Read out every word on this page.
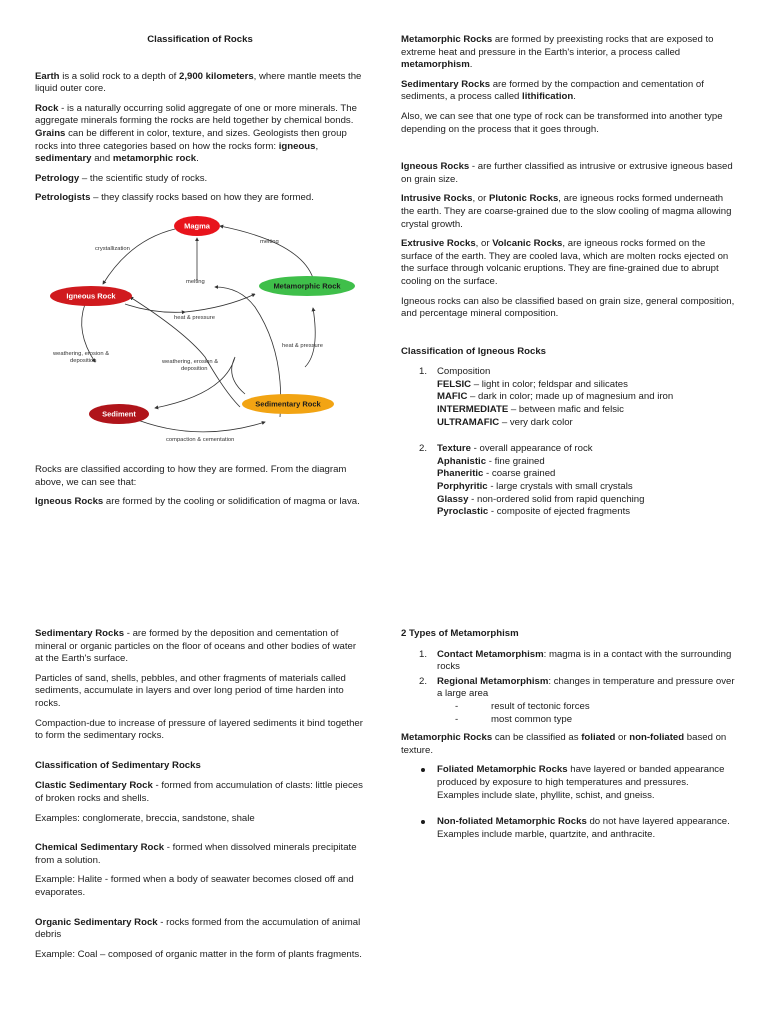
Classification of Rocks

Earth is a solid rock to a depth of 2,900 kilometers, where mantle meets the liquid outer core.

Rock - is a naturally occurring solid aggregate of one or more minerals. The aggregate minerals forming the rocks are held together by chemical bonds. Grains can be different in color, texture, and sizes. Geologists then group rocks into three categories based on how the rocks form: igneous, sedimentary and metamorphic rock.

Petrology – the scientific study of rocks.

Petrologists – they classify rocks based on how they are formed.

Magma
Igneous Rock
Metamorphic Rock
Sediment
Sedimentary Rock
crystallization
melting
melting
heat & pressure
heat & pressure
weathering, erosion &
deposition	weathering, erosion &
deposition
compaction & cementation

Rocks are classified according to how they are formed. From the diagram above, we can see that:

Igneous Rocks are formed by the cooling or solidification of magma or lava.

Metamorphic Rocks are formed by preexisting rocks that are exposed to extreme heat and pressure in the Earth's interior, a process called metamorphism.

Sedimentary Rocks are formed by the compaction and cementation of sediments, a process called lithification.

Also, we can see that one type of rock can be transformed into another type depending on the process that it goes through.

Igneous Rocks - are further classified as intrusive or extrusive igneous based on grain size.

Intrusive Rocks, or Plutonic Rocks, are igneous rocks formed underneath the earth. They are coarse-grained due to the slow cooling of magma allowing crystal growth.

Extrusive Rocks, or Volcanic Rocks, are igneous rocks formed on the surface of the earth. They are cooled lava, which are molten rocks ejected on the surface through volcanic eruptions. They are fine-grained due to abrupt cooling on the surface.

Igneous rocks can also be classified based on grain size, general composition, and percentage mineral composition.

Classification of Igneous Rocks
1. Composition
FELSIC – light in color; feldspar and silicates
MAFIC – dark in color; made up of magnesium and iron
INTERMEDIATE – between mafic and felsic
ULTRAMAFIC – very dark color
2. Texture - overall appearance of rock
Aphanistic - fine grained
Phaneritic - coarse grained
Porphyritic - large crystals with small crystals
Glassy - non-ordered solid from rapid quenching
Pyroclastic - composite of ejected fragments

Sedimentary Rocks - are formed by the deposition and cementation of mineral or organic particles on the floor of oceans and other bodies of water at the Earth's surface.

Particles of sand, shells, pebbles, and other fragments of materials called sediments, accumulate in layers and over long period of time harden into rocks.

Compaction-due to increase of pressure of layered sediments it bind together to form the sedimentary rocks.

Classification of Sedimentary Rocks

Clastic Sedimentary Rock - formed from accumulation of clasts: little pieces of broken rocks and shells.

Examples: conglomerate, breccia, sandstone, shale

Chemical Sedimentary Rock - formed when dissolved minerals precipitate from a solution.

Example: Halite - formed when a body of seawater becomes closed off and evaporates.

Organic Sedimentary Rock - rocks formed from the accumulation of animal debris

Example: Coal – composed of organic matter in the form of plants fragments.

2 Types of Metamorphism
1. Contact Metamorphism: magma is in a contact with the surrounding rocks
2. Regional Metamorphism: changes in temperature and pressure over a large area
-	result of tectonic forces
-	most common type

Metamorphic Rocks can be classified as foliated or non-foliated based on texture.

Foliated Metamorphic Rocks have layered or banded appearance produced by exposure to high temperatures and pressures.
Examples include slate, phyllite, schist, and gneiss.
Non-foliated Metamorphic Rocks do not have layered appearance.
Examples include marble, quartzite, and anthracite.
